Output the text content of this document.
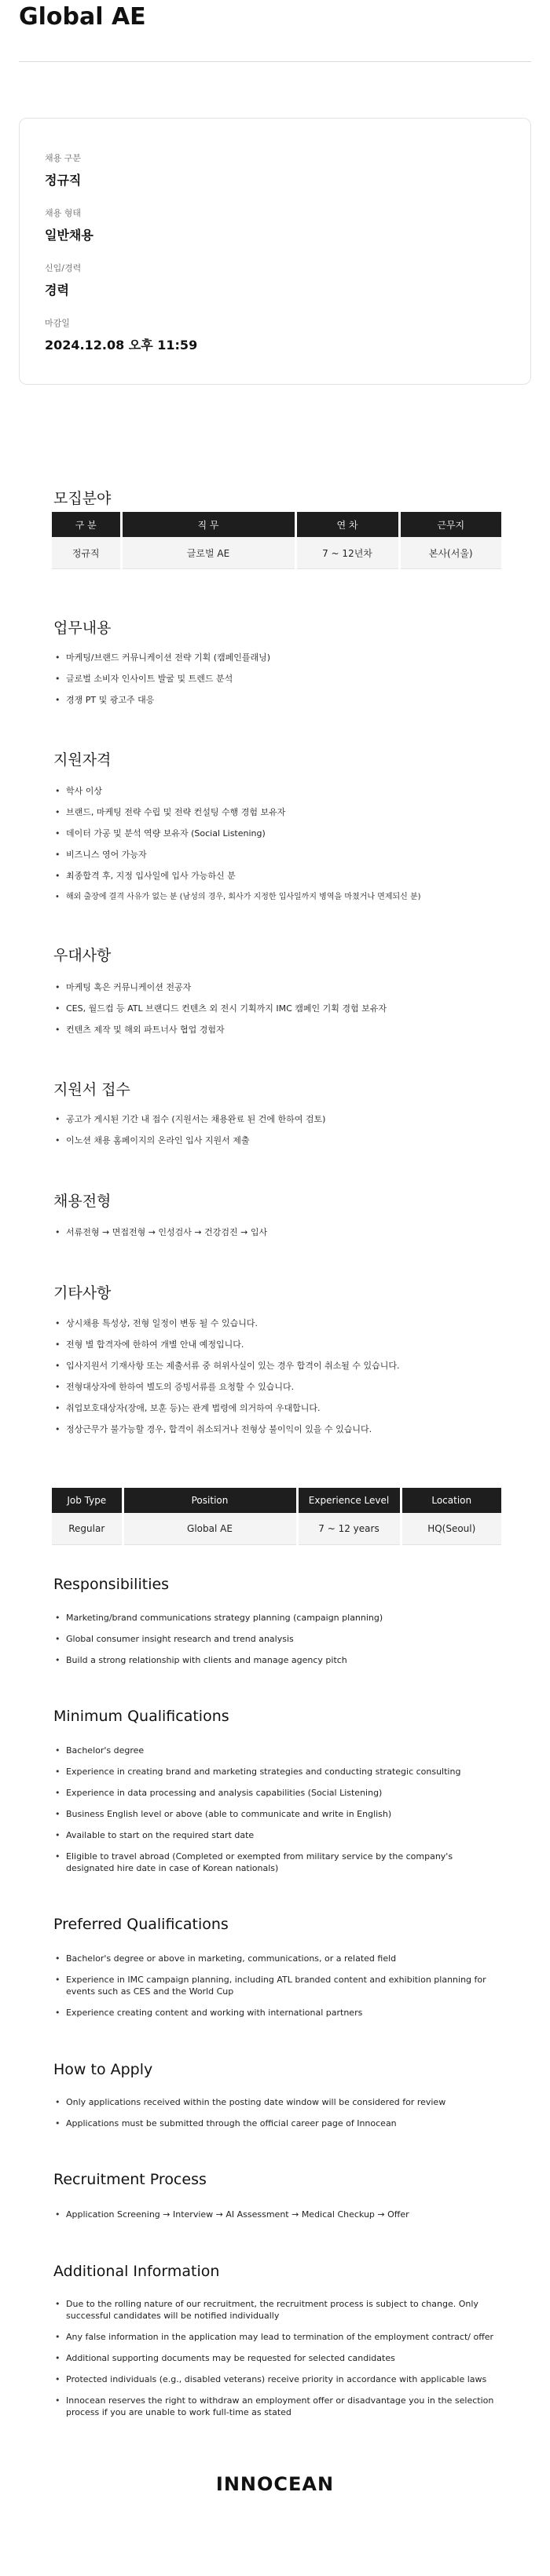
Global AE
채용 구분
정규직
채용 형태
일반채용
신입/경력
경력
마감일
2024.12.08 오후 11:59
모집분야
구 분	직 무	연 차	근무지
정규직	글로벌 AE	7 ~ 12년차	본사(서울)
업무내용
• 마케팅/브랜드 커뮤니케이션 전략 기획 (캠페인플래닝)
• 글로벌 소비자 인사이트 발굴 및 트렌드 분석
• 경쟁 PT 및 광고주 대응
지원자격
• 학사 이상
• 브랜드, 마케팅 전략 수립 및 전략 컨설팅 수행 경험 보유자
• 데이터 가공 및 분석 역량 보유자 (Social Listening)
• 비즈니스 영어 가능자
• 최종합격 후, 지정 입사일에 입사 가능하신 분
• 해외 출장에 결격 사유가 없는 분 (남성의 경우, 회사가 지정한 입사일까지 병역을 마쳤거나 면제되신 분)
우대사항
• 마케팅 혹은 커뮤니케이션 전공자
• CES, 월드컵 등 ATL 브랜디드 컨텐츠 외 전시 기획까지 IMC 캠페인 기획 경험 보유자
• 컨텐츠 제작 및 해외 파트너사 협업 경험자
지원서 접수
• 공고가 게시된 기간 내 접수 (지원서는 채용완료 된 건에 한하여 검토)
• 이노션 채용 홈페이지의 온라인 입사 지원서 제출
채용전형
• 서류전형 → 면접전형 → 인성검사 → 건강검진 → 입사
기타사항
• 상시채용 특성상, 전형 일정이 변동 될 수 있습니다.
• 전형 별 합격자에 한하여 개별 안내 예정입니다.
• 입사지원서 기재사항 또는 제출서류 중 허위사실이 있는 경우 합격이 취소될 수 있습니다.
• 전형대상자에 한하여 별도의 증빙서류를 요청할 수 있습니다.
• 취업보호대상자(장애, 보훈 등)는 관계 법령에 의거하여 우대합니다.
• 정상근무가 불가능할 경우, 합격이 취소되거나 전형상 불이익이 있을 수 있습니다.
Job Type	Position	Experience Level	Location
Regular	Global AE	7 ~ 12 years	HQ(Seoul)
Responsibilities
• Marketing/brand communications strategy planning (campaign planning)
• Global consumer insight research and trend analysis
• Build a strong relationship with clients and manage agency pitch
Minimum Qualifications
• Bachelor's degree
• Experience in creating brand and marketing strategies and conducting strategic consulting
• Experience in data processing and analysis capabilities (Social Listening)
• Business English level or above (able to communicate and write in English)
• Available to start on the required start date
• Eligible to travel abroad (Completed or exempted from military service by the company's designated hire date in case of Korean nationals)
Preferred Qualifications
• Bachelor's degree or above in marketing, communications, or a related field
• Experience in IMC campaign planning, including ATL branded content and exhibition planning for events such as CES and the World Cup
• Experience creating content and working with international partners
How to Apply
• Only applications received within the posting date window will be considered for review
• Applications must be submitted through the official career page of Innocean
Recruitment Process
• Application Screening → Interview → AI Assessment → Medical Checkup → Offer
Additional Information
• Due to the rolling nature of our recruitment, the recruitment process is subject to change. Only successful candidates will be notified individually
• Any false information in the application may lead to termination of the employment contract/ offer
• Additional supporting documents may be requested for selected candidates
• Protected individuals (e.g., disabled veterans) receive priority in accordance with applicable laws
• Innocean reserves the right to withdraw an employment offer or disadvantage you in the selection process if you are unable to work full-time as stated
INNOCEAN
